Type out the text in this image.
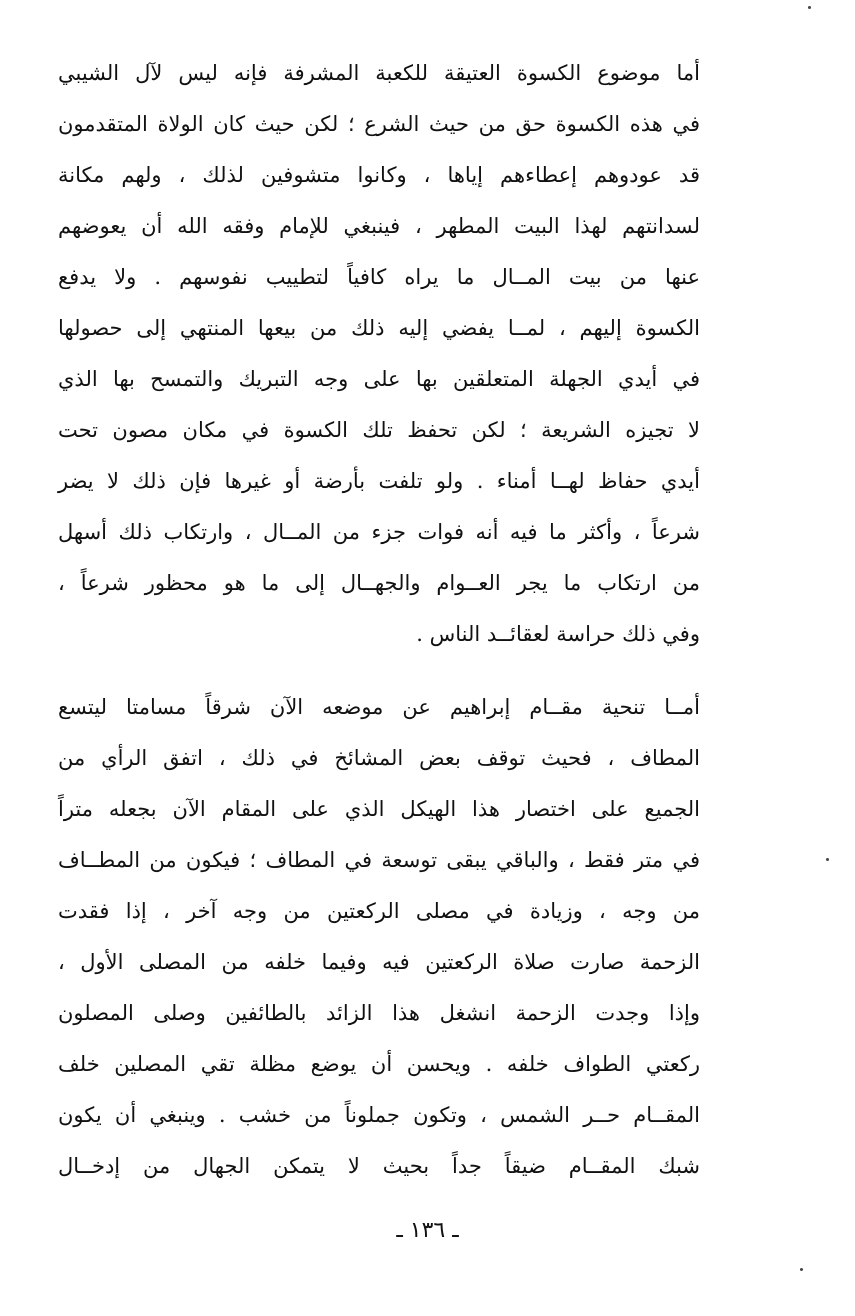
أما موضوع الكسوة العتيقة للكعبة المشرفة فإنه ليس لآل الشيبي
في هذه الكسوة حق من حيث الشرع ؛ لكن حيث كان الولاة المتقدمون
قد عودوهم إعطاءهم إياها ، وكانوا متشوفين لذلك ، ولهم مكانة
لسدانتهم لهذا البيت المطهر ، فينبغي للإمام وفقه الله أن يعوضهم
عنها من بيت المــال ما يراه كافياً لتطييب نفوسهم . ولا يدفع
الكسوة إليهم ، لمــا يفضي إليه ذلك من بيعها المنتهي إلى حصولها
في أيدي الجهلة المتعلقين بها على وجه التبريك والتمسح بها الذي
لا تجيزه الشريعة ؛ لكن تحفظ تلك الكسوة في مكان مصون تحت
أيدي حفاظ لهــا أمناء . ولو تلفت بأرضة أو غيرها فإن ذلك لا يضر
شرعاً ، وأكثر ما فيه أنه فوات جزء من المــال ، وارتكاب ذلك أسهل
من ارتكاب ما يجر العــوام والجهــال إلى ما هو محظور شرعاً ،
وفي ذلك حراسة لعقائــد الناس .
أمــا تنحية مقــام إبراهيم عن موضعه الآن شرقاً مسامتا ليتسع
المطاف ، فحيث توقف بعض المشائخ في ذلك ، اتفق الرأي من
الجميع على اختصار هذا الهيكل الذي على المقام الآن بجعله متراً
في متر فقط ، والباقي يبقى توسعة في المطاف ؛ فيكون من المطــاف
من وجه ، وزيادة في مصلى الركعتين من وجه آخر ، إذا فقدت
الزحمة صارت صلاة الركعتين فيه وفيما خلفه من المصلى الأول ،
وإذا وجدت الزحمة انشغل هذا الزائد بالطائفين وصلى المصلون
ركعتي الطواف خلفه . ويحسن أن يوضع مظلة تقي المصلين خلف
المقــام حــر الشمس ، وتكون جملوناً من خشب . وينبغي أن يكون
شبك المقــام ضيقاً جداً بحيث لا يتمكن الجهال من إدخــال
ـ ١٣٦ ـ
